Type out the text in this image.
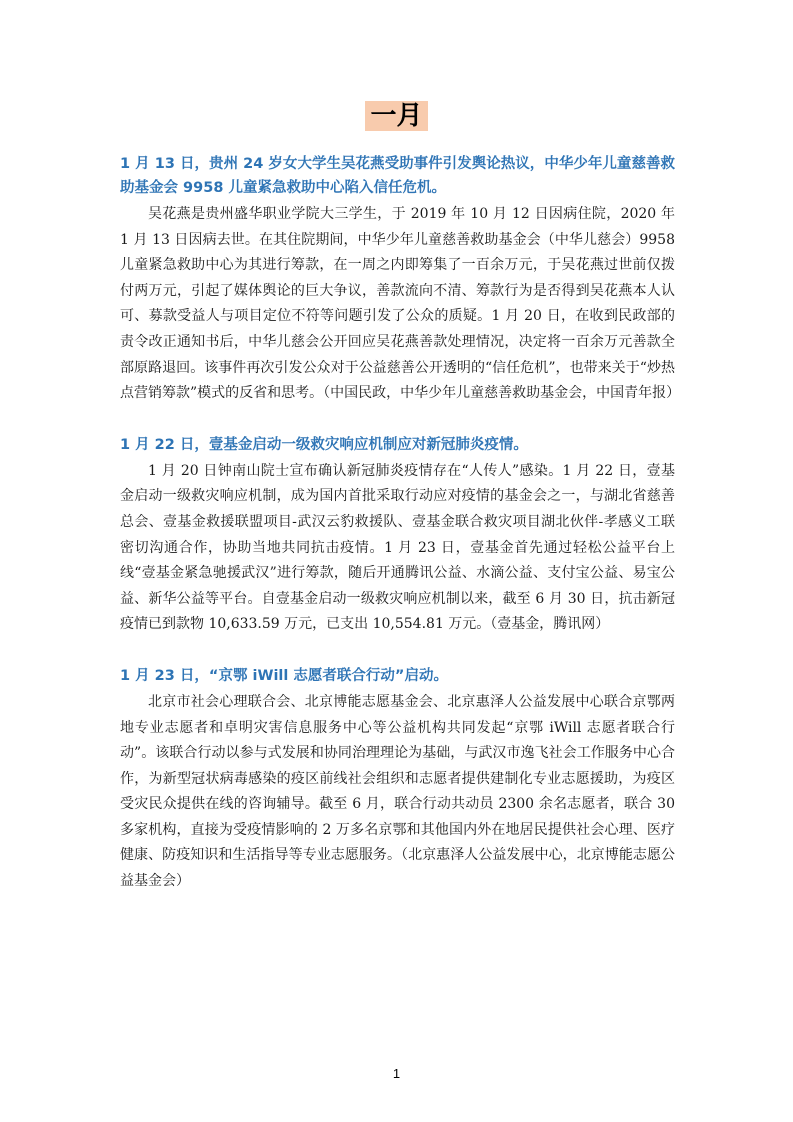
一月

1 月 13 日，贵州 24 岁女大学生吴花燕受助事件引发舆论热议，中华少年儿童慈善救助基金会 9958 儿童紧急救助中心陷入信任危机。

吴花燕是贵州盛华职业学院大三学生，于 2019 年 10 月 12 日因病住院，2020 年 1 月 13 日因病去世。在其住院期间，中华少年儿童慈善救助基金会（中华儿慈会）9958 儿童紧急救助中心为其进行筹款，在一周之内即筹集了一百余万元，于吴花燕过世前仅拨付两万元，引起了媒体舆论的巨大争议，善款流向不清、筹款行为是否得到吴花燕本人认可、募款受益人与项目定位不符等问题引发了公众的质疑。1 月 20 日，在收到民政部的责令改正通知书后，中华儿慈会公开回应吴花燕善款处理情况，决定将一百余万元善款全部原路退回。该事件再次引发公众对于公益慈善公开透明的“信任危机”，也带来关于“炒热点营销筹款”模式的反省和思考。（中国民政，中华少年儿童慈善救助基金会，中国青年报）

1 月 22 日，壹基金启动一级救灾响应机制应对新冠肺炎疫情。

1 月 20 日钟南山院士宣布确认新冠肺炎疫情存在“人传人”感染。1 月 22 日，壹基金启动一级救灾响应机制，成为国内首批采取行动应对疫情的基金会之一，与湖北省慈善总会、壹基金救援联盟项目-武汉云豹救援队、壹基金联合救灾项目湖北伙伴-孝感义工联密切沟通合作，协助当地共同抗击疫情。1 月 23 日，壹基金首先通过轻松公益平台上线“壹基金紧急驰援武汉”进行筹款，随后开通腾讯公益、水滴公益、支付宝公益、易宝公益、新华公益等平台。自壹基金启动一级救灾响应机制以来，截至 6 月 30 日，抗击新冠疫情已到款物 10,633.59 万元，已支出 10,554.81 万元。（壹基金，腾讯网）

1 月 23 日，“京鄂 iWill 志愿者联合行动”启动。

北京市社会心理联合会、北京博能志愿基金会、北京惠泽人公益发展中心联合京鄂两地专业志愿者和卓明灾害信息服务中心等公益机构共同发起“京鄂 iWill 志愿者联合行动”。该联合行动以参与式发展和协同治理理论为基础，与武汉市逸飞社会工作服务中心合作，为新型冠状病毒感染的疫区前线社会组织和志愿者提供建制化专业志愿援助，为疫区受灾民众提供在线的咨询辅导。截至 6 月，联合行动共动员 2300 余名志愿者，联合 30 多家机构，直接为受疫情影响的 2 万多名京鄂和其他国内外在地居民提供社会心理、医疗健康、防疫知识和生活指导等专业志愿服务。（北京惠泽人公益发展中心，北京博能志愿公益基金会）

1
